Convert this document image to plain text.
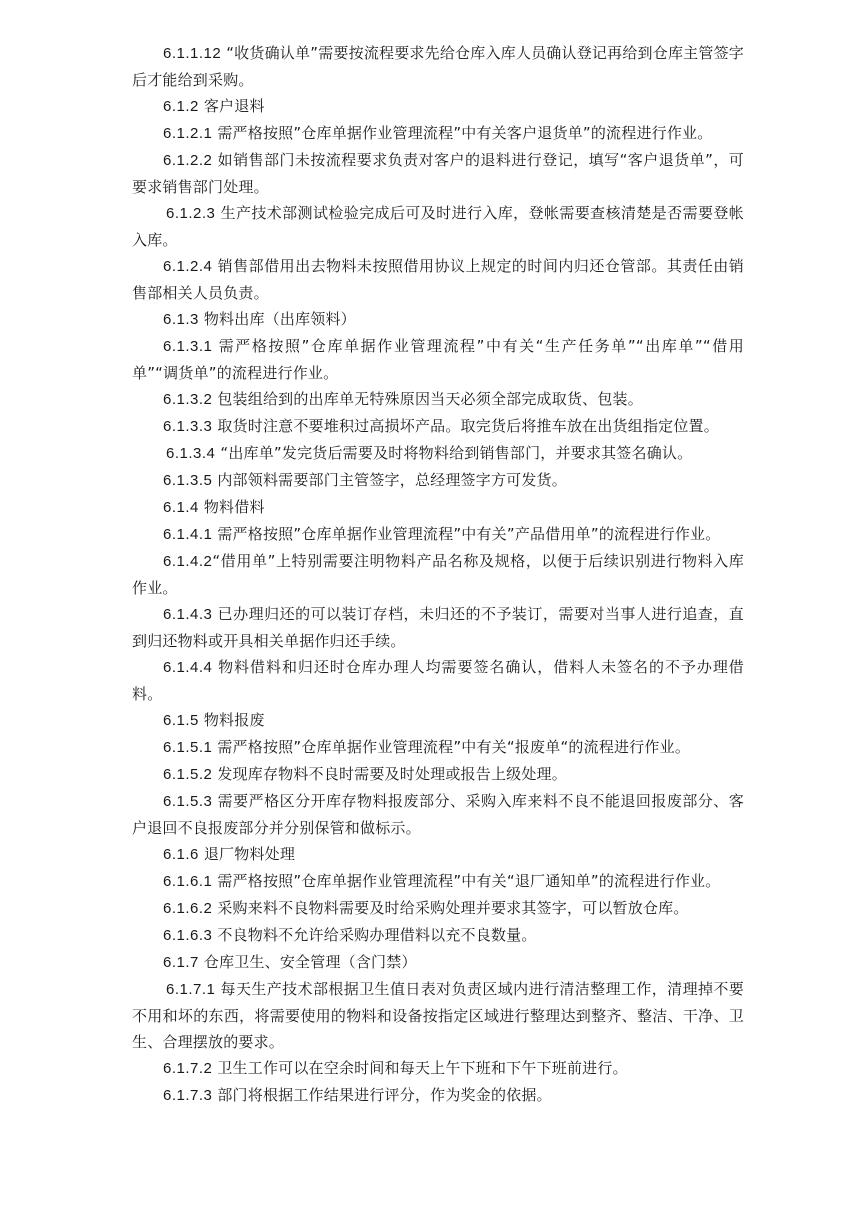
6.1.1.12 “收货确认单”需要按流程要求先给仓库入库人员确认登记再给到仓库主管签字后才能给到采购。

6.1.2 客户退料

6.1.2.1 需严格按照”仓库单据作业管理流程”中有关客户退货单”的流程进行作业。

6.1.2.2 如销售部门未按流程要求负责对客户的退料进行登记，填写“客户退货单”，可要求销售部门处理。

6.1.2.3 生产技术部测试检验完成后可及时进行入库，登帐需要查核清楚是否需要登帐入库。

6.1.2.4 销售部借用出去物料未按照借用协议上规定的时间内归还仓管部。其责任由销售部相关人员负责。

6.1.3 物料出库（出库领料）

6.1.3.1 需严格按照”仓库单据作业管理流程”中有关“生产任务单”“出库单”“借用单”“调货单”的流程进行作业。

6.1.3.2 包装组给到的出库单无特殊原因当天必须全部完成取货、包装。

6.1.3.3 取货时注意不要堆积过高损坏产品。取完货后将推车放在出货组指定位置。

6.1.3.4 “出库单”发完货后需要及时将物料给到销售部门，并要求其签名确认。

6.1.3.5 内部领料需要部门主管签字，总经理签字方可发货。

6.1.4 物料借料

6.1.4.1 需严格按照”仓库单据作业管理流程”中有关”产品借用单”的流程进行作业。

6.1.4.2“借用单”上特别需要注明物料产品名称及规格，以便于后续识别进行物料入库作业。

6.1.4.3 已办理归还的可以装订存档，未归还的不予装订，需要对当事人进行追查，直到归还物料或开具相关单据作归还手续。

6.1.4.4 物料借料和归还时仓库办理人均需要签名确认，借料人未签名的不予办理借料。

6.1.5 物料报废

6.1.5.1 需严格按照”仓库单据作业管理流程”中有关“报废单“的流程进行作业。

6.1.5.2 发现库存物料不良时需要及时处理或报告上级处理。

6.1.5.3 需要严格区分开库存物料报废部分、采购入库来料不良不能退回报废部分、客户退回不良报废部分并分别保管和做标示。

6.1.6 退厂物料处理

6.1.6.1 需严格按照”仓库单据作业管理流程”中有关“退厂通知单”的流程进行作业。

6.1.6.2 采购来料不良物料需要及时给采购处理并要求其签字，可以暂放仓库。

6.1.6.3 不良物料不允许给采购办理借料以充不良数量。

6.1.7 仓库卫生、安全管理（含门禁）

6.1.7.1 每天生产技术部根据卫生值日表对负责区域内进行清洁整理工作，清理掉不要不用和坏的东西，将需要使用的物料和设备按指定区域进行整理达到整齐、整洁、干净、卫生、合理摆放的要求。

6.1.7.2 卫生工作可以在空余时间和每天上午下班和下午下班前进行。

6.1.7.3 部门将根据工作结果进行评分，作为奖金的依据。
